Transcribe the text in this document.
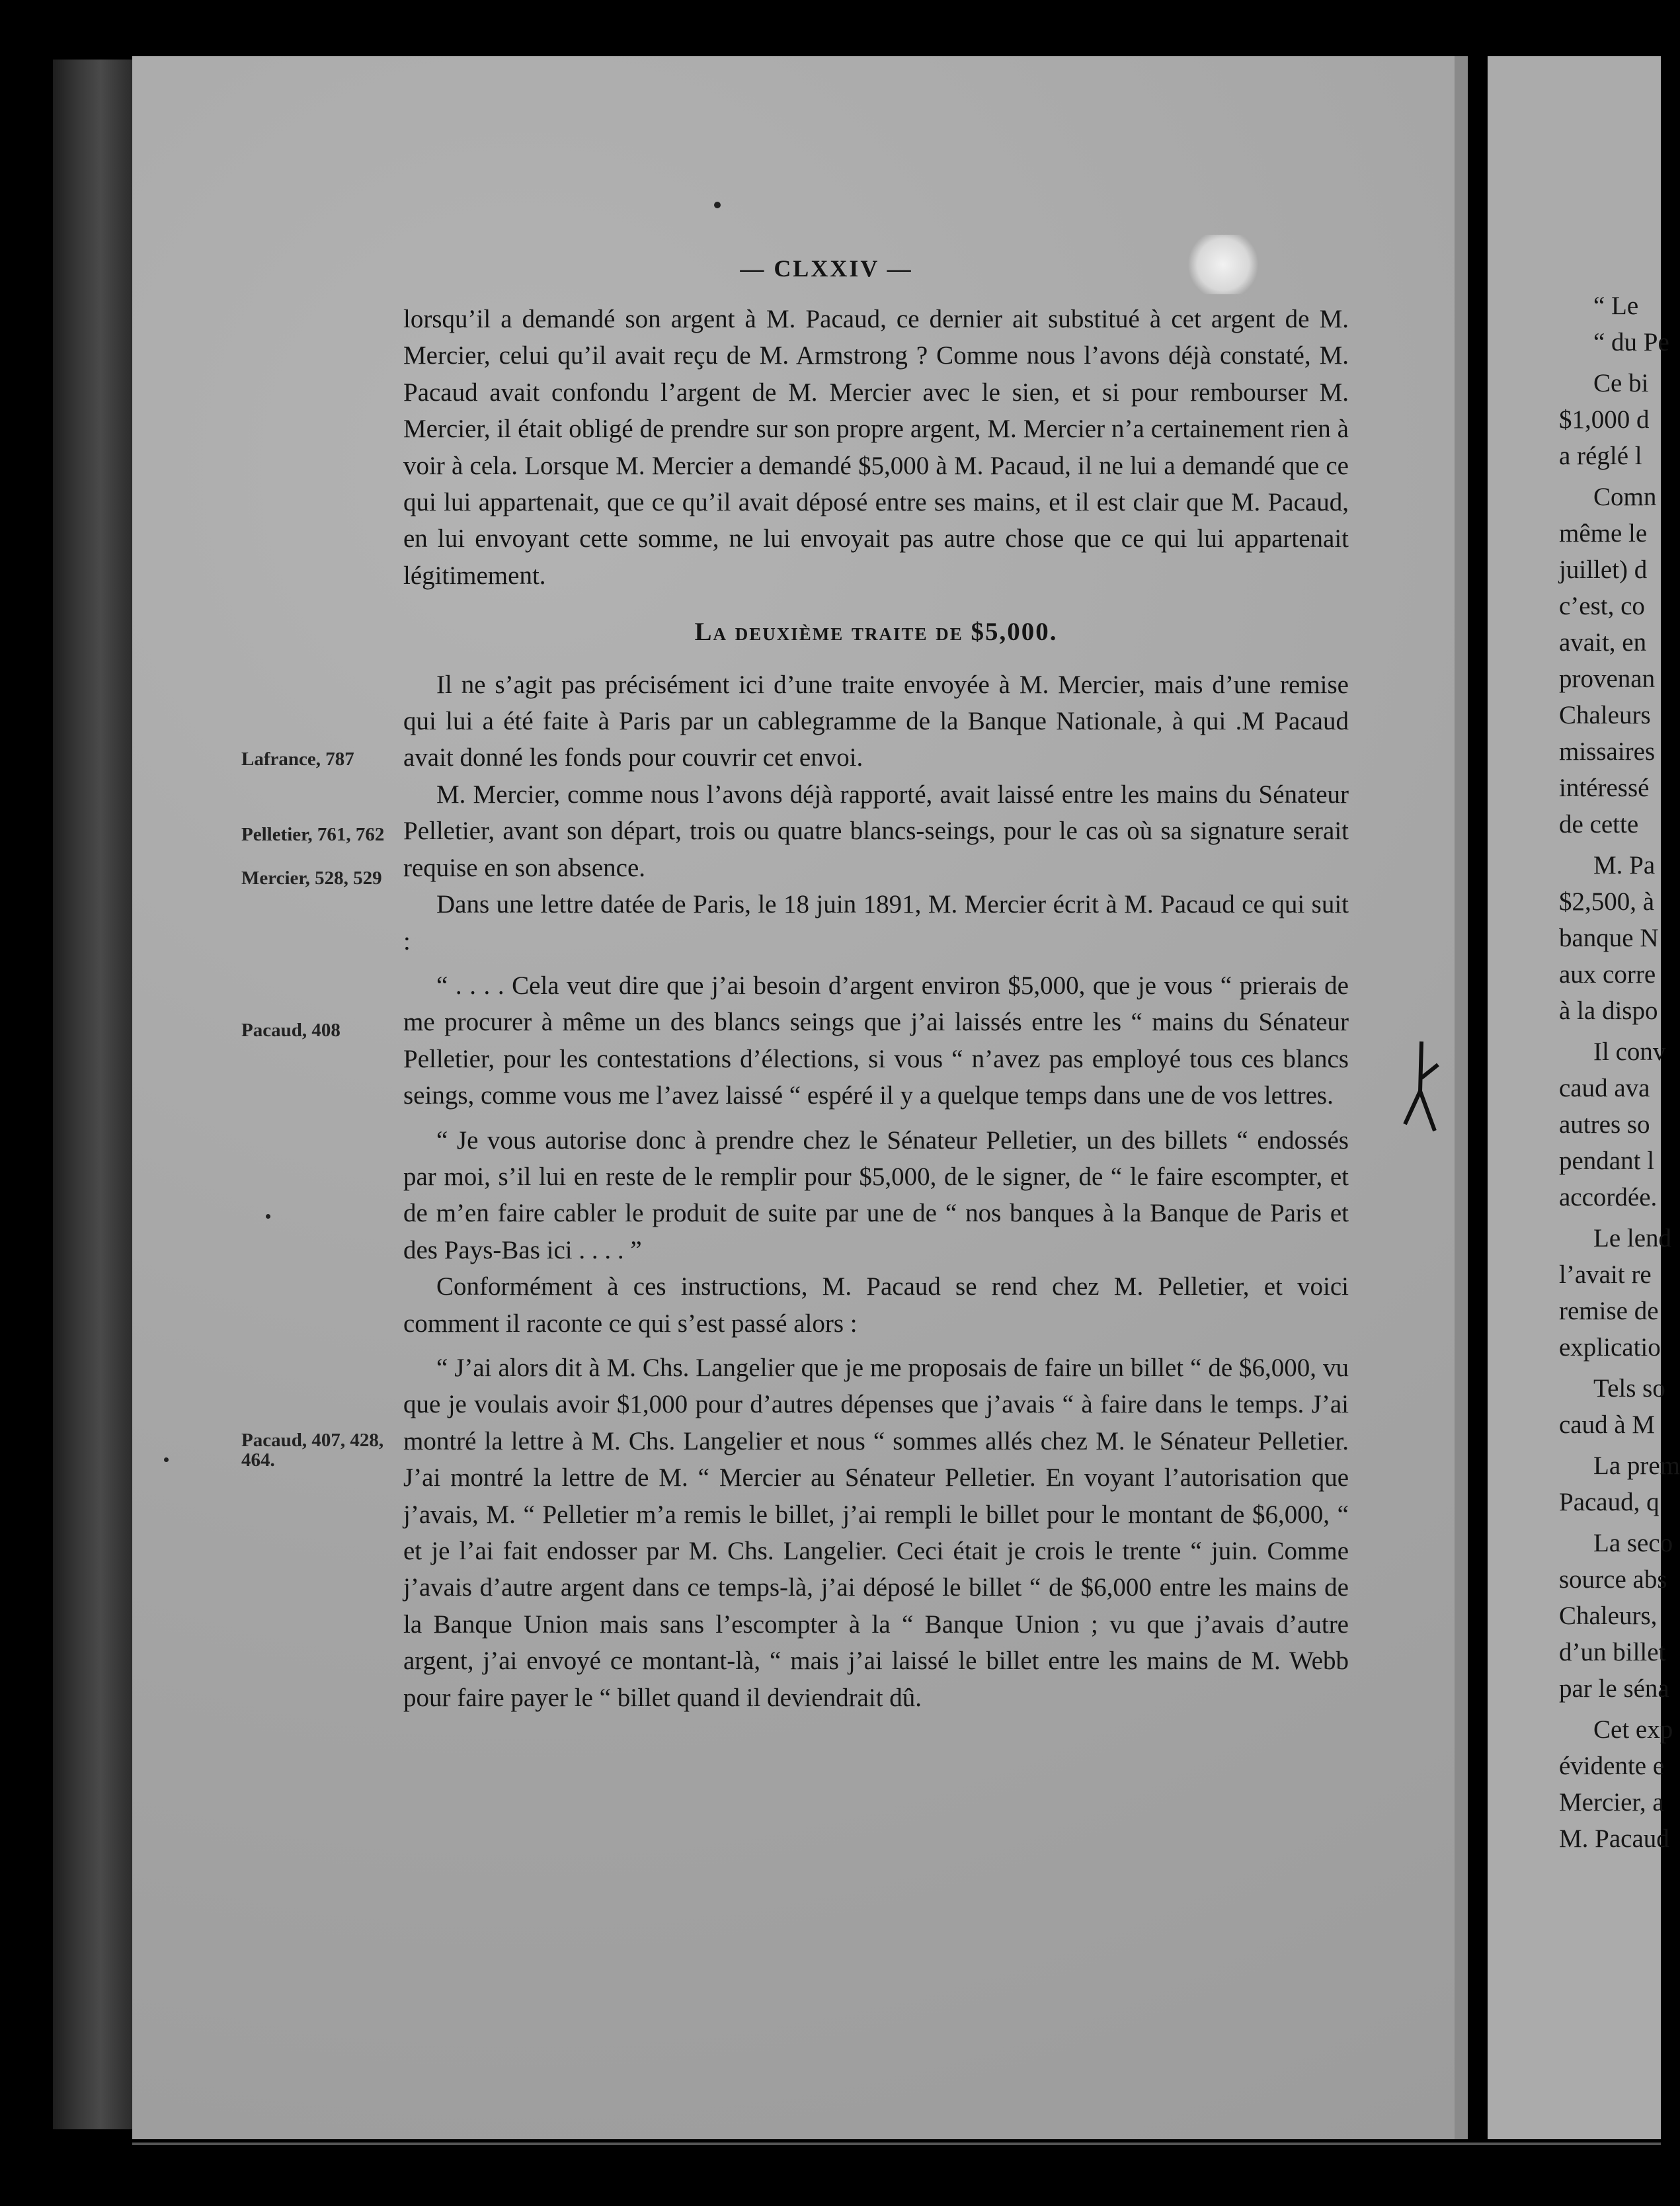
— CLXXIV —

lorsqu’il a demandé son argent à M. Pacaud, ce dernier ait substitué à cet argent de M. Mercier, celui qu’il avait reçu de M. Armstrong ? Comme nous l’avons déjà constaté, M. Pacaud avait confondu l’argent de M. Mercier avec le sien, et si pour rembourser M. Mercier, il était obligé de prendre sur son propre argent, M. Mercier n’a certainement rien à voir à cela. Lorsque M. Mercier a demandé $5,000 à M. Pacaud, il ne lui a demandé que ce qui lui appartenait, que ce qu’il avait déposé entre ses mains, et il est clair que M. Pacaud, en lui envoyant cette somme, ne lui envoyait pas autre chose que ce qui lui appartenait légitimement.

La deuxième traite de $5,000.

Il ne s’agit pas précisément ici d’une traite envoyée à M. Mercier, mais d’une remise qui lui a été faite à Paris par un cablegramme de la Banque Nationale, à qui .M Pacaud avait donné les fonds pour couvrir cet envoi.

M. Mercier, comme nous l’avons déjà rapporté, avait laissé entre les mains du Sénateur Pelletier, avant son départ, trois ou quatre blancs-seings, pour le cas où sa signature serait requise en son absence.

Dans une lettre datée de Paris, le 18 juin 1891, M. Mercier écrit à M. Pacaud ce qui suit :

“ . . . . Cela veut dire que j’ai besoin d’argent environ $5,000, que je vous “ prierais de me procurer à même un des blancs seings que j’ai laissés entre les “ mains du Sénateur Pelletier, pour les contestations d’élections, si vous “ n’avez pas employé tous ces blancs seings, comme vous me l’avez laissé “ espéré il y a quelque temps dans une de vos lettres.

“ Je vous autorise donc à prendre chez le Sénateur Pelletier, un des billets “ endossés par moi, s’il lui en reste de le remplir pour $5,000, de le signer, de “ le faire escompter, et de m’en faire cabler le produit de suite par une de “ nos banques à la Banque de Paris et des Pays-Bas ici . . . . ”

Conformément à ces instructions, M. Pacaud se rend chez M. Pelletier, et voici comment il raconte ce qui s’est passé alors :

“ J’ai alors dit à M. Chs. Langelier que je me proposais de faire un billet “ de $6,000, vu que je voulais avoir $1,000 pour d’autres dépenses que j’avais “ à faire dans le temps. J’ai montré la lettre à M. Chs. Langelier et nous “ sommes allés chez M. le Sénateur Pelletier. J’ai montré la lettre de M. “ Mercier au Sénateur Pelletier. En voyant l’autorisation que j’avais, M. “ Pelletier m’a remis le billet, j’ai rempli le billet pour le montant de $6,000, “ et je l’ai fait endosser par M. Chs. Langelier. Ceci était je crois le trente “ juin. Comme j’avais d’autre argent dans ce temps-là, j’ai déposé le billet “ de $6,000 entre les mains de la Banque Union mais sans l’escompter à la “ Banque Union ; vu que j’avais d’autre argent, j’ai envoyé ce montant-là, “ mais j’ai laissé le billet entre les mains de M. Webb pour faire payer le “ billet quand il deviendrait dû.

Lafrance, 787
Pelletier, 761, 762
Mercier, 528, 529
Pacaud, 408
Pacaud, 407, 428, 464.
“ Le
“ du Pe
Ce bi
$1,000 d
a réglé l
Comn
même le
juillet) d
c’est, co
avait, en
provenan
Chaleurs
missaires
intéressé
de cette
M. Pa
$2,500, à
banque N
aux corre
à la dispo
Il conv
caud ava
autres so
pendant l
accordée.
Le lend
l’avait re
remise de
explicatio
Tels so
caud à M
La prem
Pacaud, q
La seco
source abs
Chaleurs,
d’un billet
par le séna
Cet exp
évidente e
Mercier, a
M. Pacaud
